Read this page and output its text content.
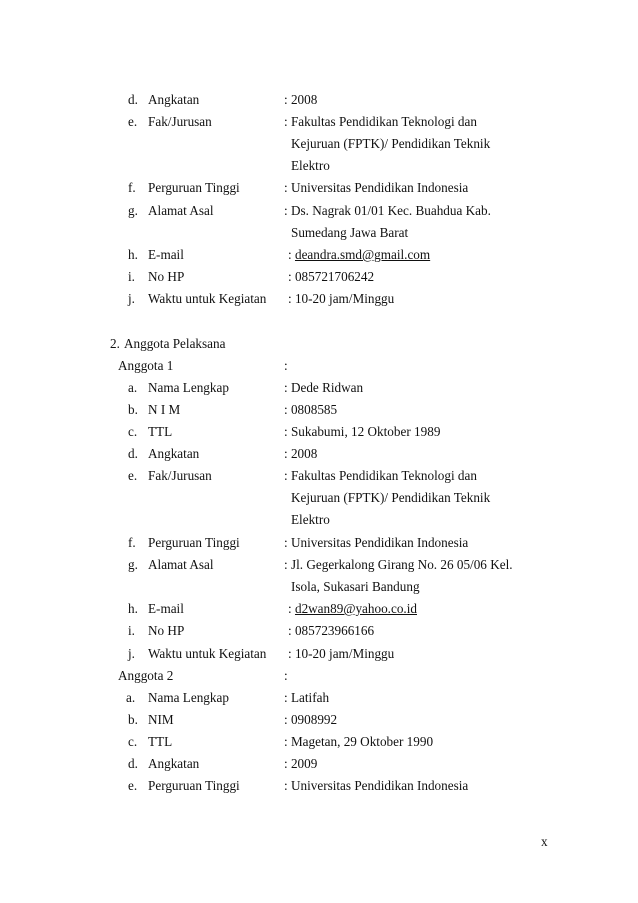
d. Angkatan	: 2008
e. Fak/Jurusan	: Fakultas Pendidikan Teknologi dan
Kejuruan (FPTK)/ Pendidikan Teknik
Elektro
f. Perguruan Tinggi	: Universitas Pendidikan Indonesia
g. Alamat Asal	: Ds. Nagrak 01/01 Kec. Buahdua Kab.
Sumedang Jawa Barat
h. E-mail	: deandra.smd@gmail.com
i. No HP	: 085721706242
j. Waktu untuk Kegiatan : 10-20 jam/Minggu
2. Anggota Pelaksana
Anggota 1	:
a. Nama Lengkap	: Dede Ridwan
b. N I M	: 0808585
c. TTL	: Sukabumi, 12 Oktober 1989
d. Angkatan	: 2008
e. Fak/Jurusan	: Fakultas Pendidikan Teknologi dan
Kejuruan (FPTK)/ Pendidikan Teknik
Elektro
f. Perguruan Tinggi	: Universitas Pendidikan Indonesia
g. Alamat Asal	: Jl. Gegerkalong Girang No. 26 05/06 Kel.
Isola, Sukasari Bandung
h. E-mail	: d2wan89@yahoo.co.id
i. No HP	: 085723966166
j. Waktu untuk Kegiatan : 10-20 jam/Minggu
Anggota 2	:
a. Nama Lengkap	: Latifah
b. NIM	: 0908992
c. TTL	: Magetan, 29 Oktober 1990
d. Angkatan	: 2009
e. Perguruan Tinggi	: Universitas Pendidikan Indonesia
x
